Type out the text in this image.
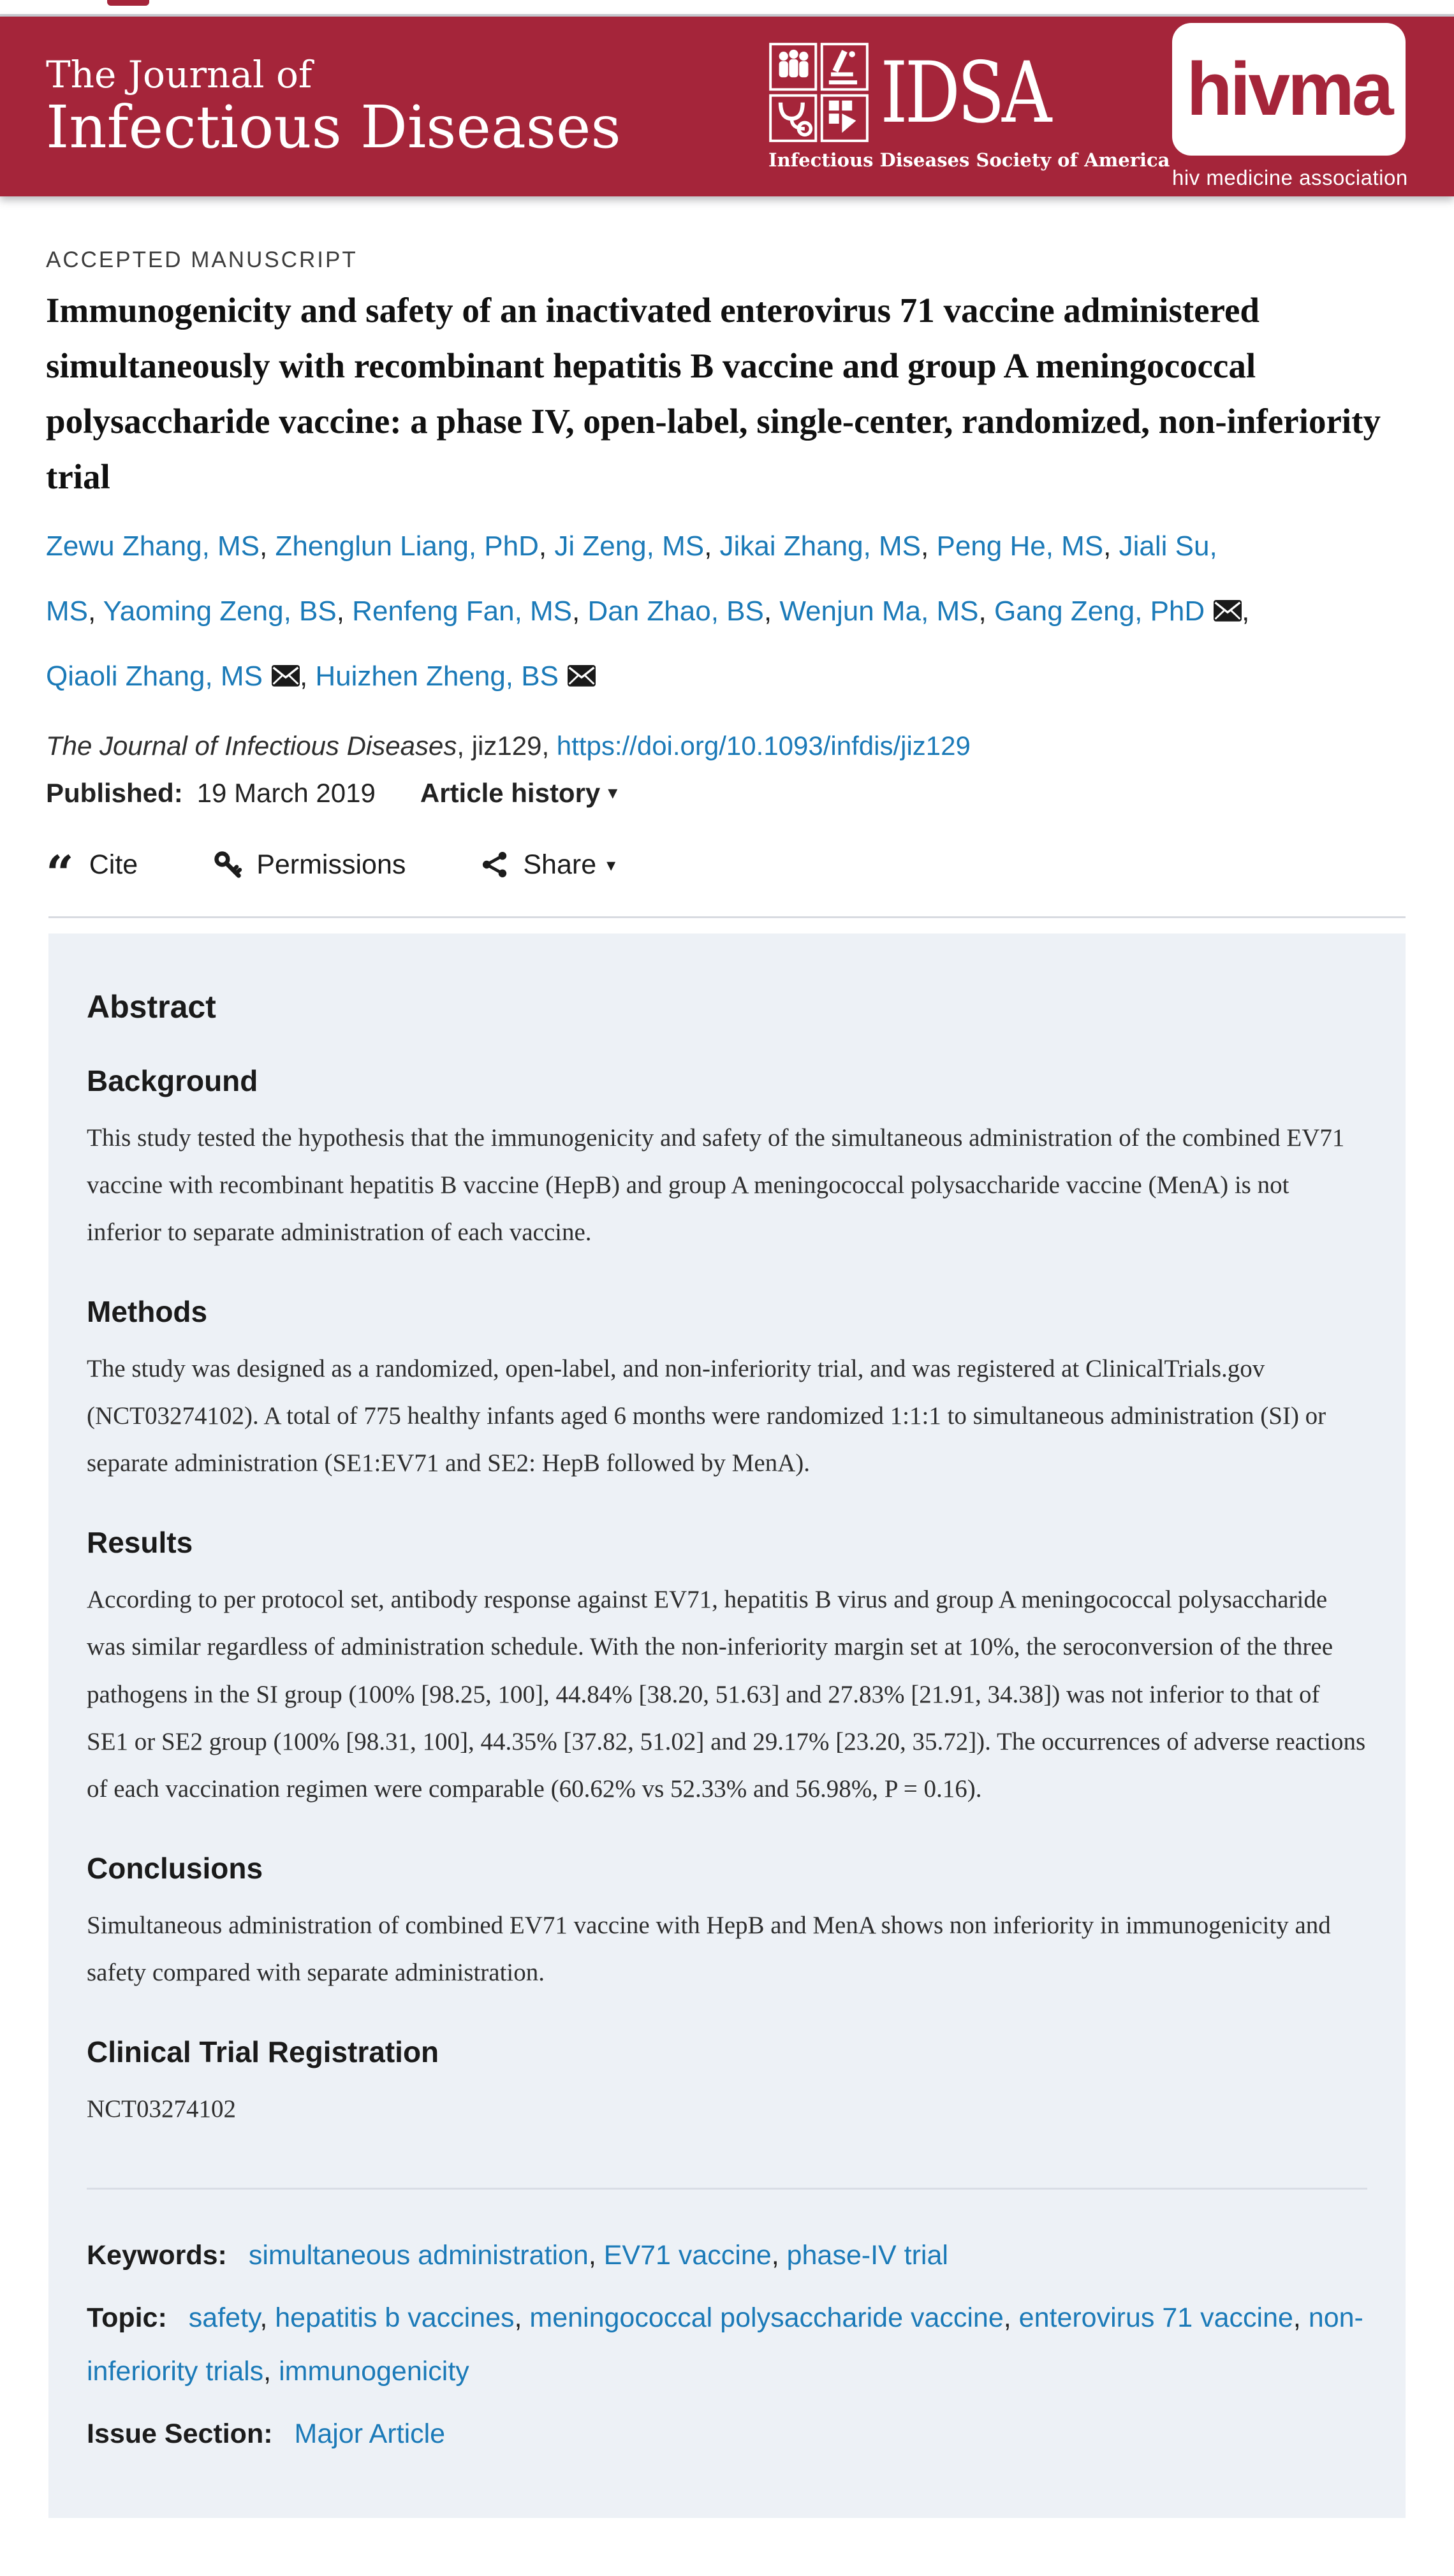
The Journal of
Infectious Diseases	IDSA
Infectious Diseases Society of America
hivma
hiv medicine association
ACCEPTED MANUSCRIPT
Immunogenicity and safety of an inactivated enterovirus 71 vaccine administered simultaneously with recombinant hepatitis B vaccine and group A meningococcal polysaccharide vaccine: a phase IV, open-label, single-center, randomized, non-inferiority trial
Zewu Zhang, MS, Zhenglun Liang, PhD, Ji Zeng, MS, Jikai Zhang, MS, Peng He, MS, Jiali Su, MS, Yaoming Zeng, BS, Renfeng Fan, MS, Dan Zhao, BS, Wenjun Ma, MS, Gang Zeng, PhD , Qiaoli Zhang, MS , Huizhen Zheng, BS
The Journal of Infectious Diseases, jiz129, https://doi.org/10.1093/infdis/jiz129
Published: 19 March 2019 Article history ▾
“ Cite	Permissions	Share ▾
Abstract
Background

This study tested the hypothesis that the immunogenicity and safety of the simultaneous administration of the combined EV71 vaccine with recombinant hepatitis B vaccine (HepB) and group A meningococcal polysaccharide vaccine (MenA) is not inferior to separate administration of each vaccine.

Methods

The study was designed as a randomized, open-label, and non-inferiority trial, and was registered at ClinicalTrials.gov (NCT03274102). A total of 775 healthy infants aged 6 months were randomized 1:1:1 to simultaneous administration (SI) or separate administration (SE1:EV71 and SE2: HepB followed by MenA).

Results

According to per protocol set, antibody response against EV71, hepatitis B virus and group A meningococcal polysaccharide was similar regardless of administration schedule. With the non-inferiority margin set at 10%, the seroconversion of the three pathogens in the SI group (100% [98.25, 100], 44.84% [38.20, 51.63] and 27.83% [21.91, 34.38]) was not inferior to that of SE1 or SE2 group (100% [98.31, 100], 44.35% [37.82, 51.02] and 29.17% [23.20, 35.72]). The occurrences of adverse reactions of each vaccination regimen were comparable (60.62% vs 52.33% and 56.98%, P = 0.16).

Conclusions

Simultaneous administration of combined EV71 vaccine with HepB and MenA shows non inferiority in immunogenicity and safety compared with separate administration.

Clinical Trial Registration

NCT03274102

Keywords: simultaneous administration, EV71 vaccine, phase-IV trial
Topic: safety, hepatitis b vaccines, meningococcal polysaccharide vaccine, enterovirus 71 vaccine, non-inferiority trials, immunogenicity
Issue Section: Major Article
